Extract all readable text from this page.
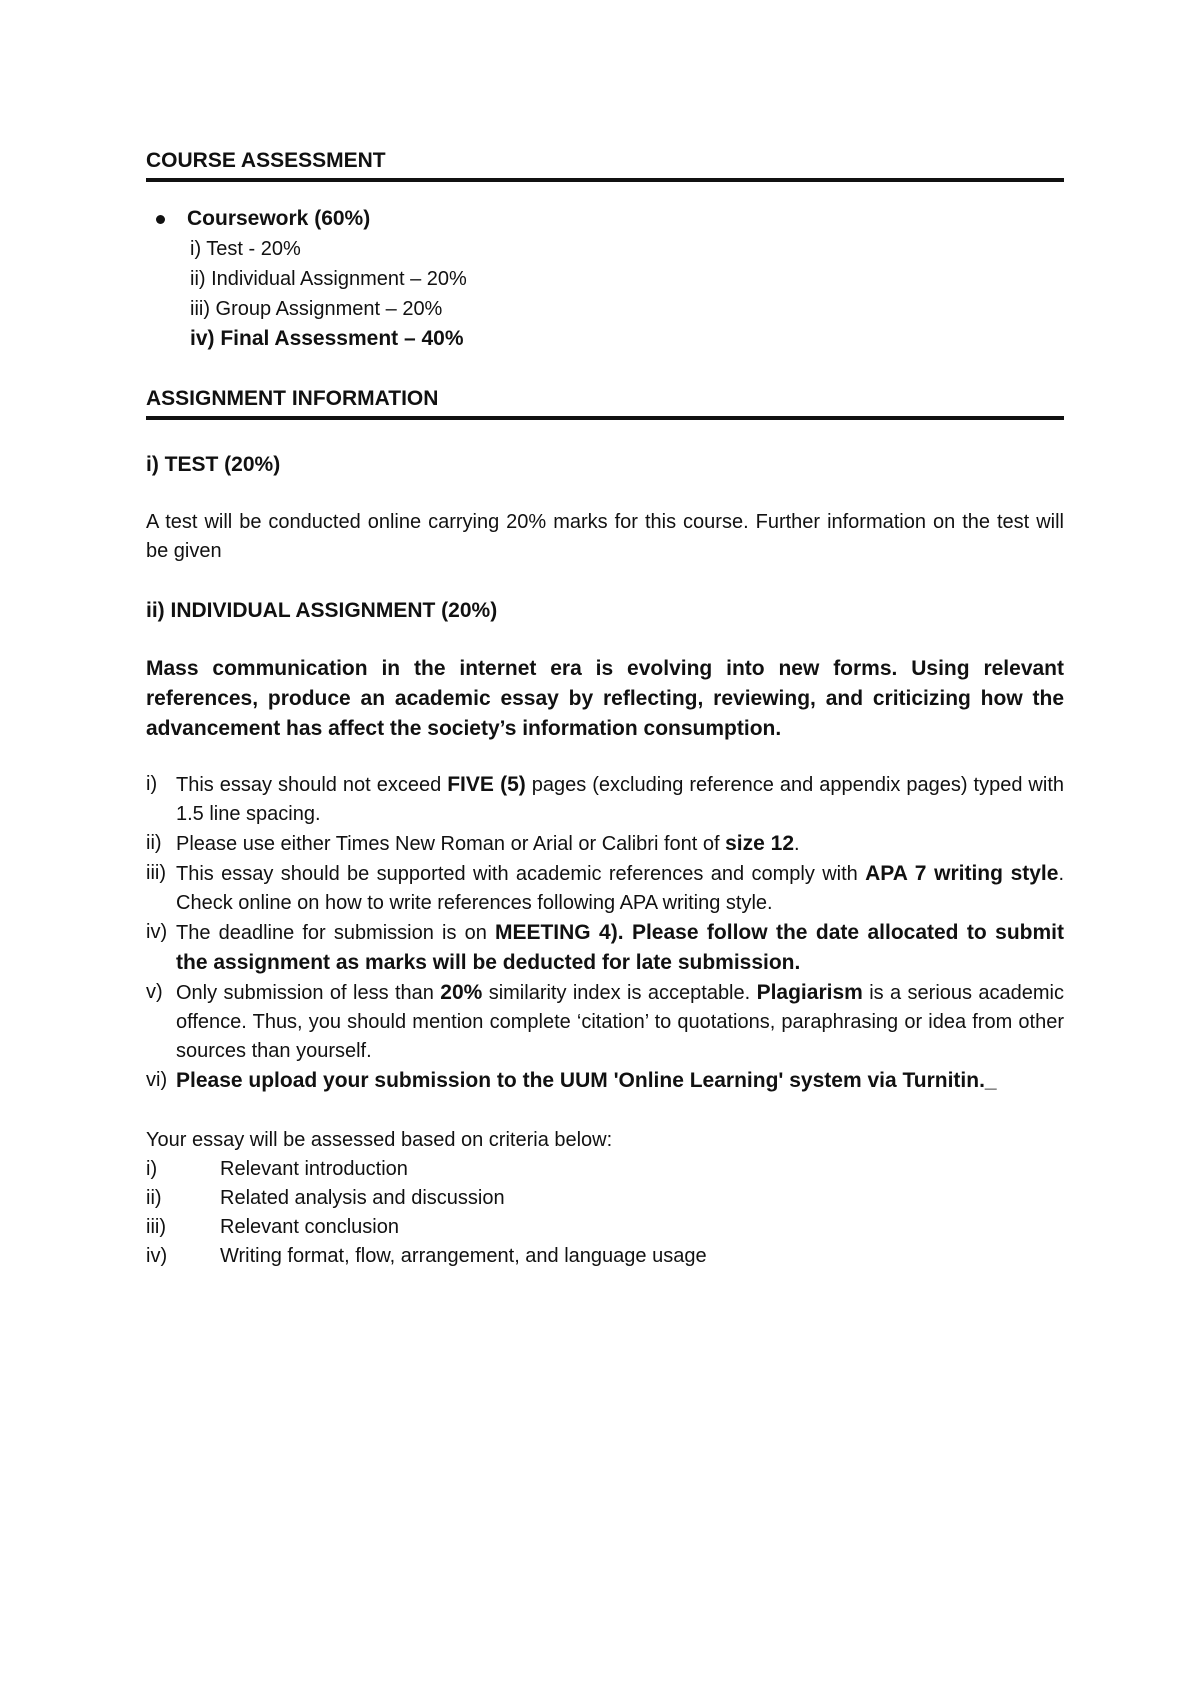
COURSE ASSESSMENT
Coursework (60%)
i) Test - 20%
ii) Individual Assignment – 20%
iii) Group Assignment – 20%
iv) Final Assessment – 40%
ASSIGNMENT INFORMATION
i) TEST (20%)

A test will be conducted online carrying 20% marks for this course. Further information on the test will be given

ii) INDIVIDUAL ASSIGNMENT (20%)

Mass communication in the internet era is evolving into new forms. Using relevant references, produce an academic essay by reflecting, reviewing, and criticizing how the advancement has affect the society’s information consumption.

i) This essay should not exceed FIVE (5) pages (excluding reference and appendix pages) typed with 1.5 line spacing.
ii) Please use either Times New Roman or Arial or Calibri font of size 12.
iii) This essay should be supported with academic references and comply with APA 7 writing style. Check online on how to write references following APA writing style.
iv) The deadline for submission is on MEETING 4). Please follow the date allocated to submit the assignment as marks will be deducted for late submission.
v) Only submission of less than 20% similarity index is acceptable. Plagiarism is a serious academic offence. Thus, you should mention complete ‘citation’ to quotations, paraphrasing or idea from other sources than yourself.
vi) Please upload your submission to the UUM 'Online Learning' system via Turnitin._

Your essay will be assessed based on criteria below:

i)	Relevant introduction
ii)	Related analysis and discussion
iii)	Relevant conclusion
iv)	Writing format, flow, arrangement, and language usage
